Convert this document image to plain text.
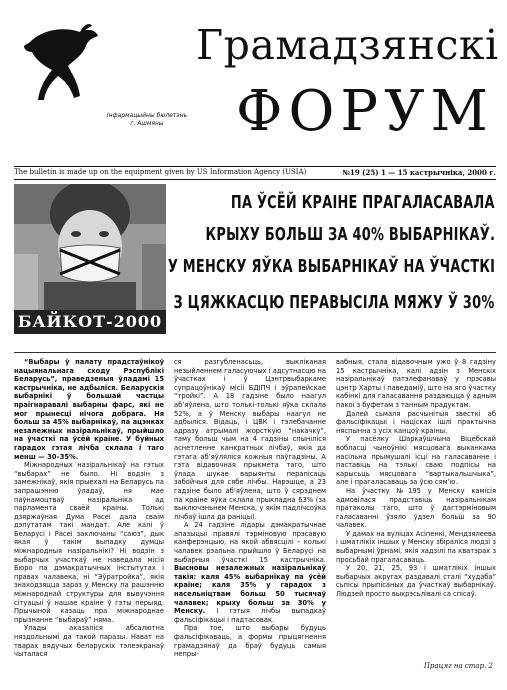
Інфармацыйны бюлетэнь
г. Ашмяны
Грамадзянскі
ФОРУМ
The bulletin is made up on the equipment given by US Information Agency (USIA)	№19 (25) 1 — 15 кастрычніка, 2000 г.
БАЙКОТ-2000
ПА ЎСЁЙ КРАІНЕ ПРАГАЛАСАВАЛА
КРЫХУ БОЛЬШ ЗА 40% ВЫБАРНІКАЎ.
У МЕНСКУ ЯЎКА ВЫБАРНІКАЎ НА ЎЧАСТКІ
З ЦЯЖКАСЦЮ ПЕРАВЫСІЛА МЯЖУ Ў 30%

“Выбары ў палату прадстаўнікоў нацыянальнага сходу Рэспублікі Беларусь”, праведзеныя ўладамі 15 кастрычніка, не адбыліся. Беларускія выбарнікі ў большай частцы праігнаравалі выбарны фарс, які не мог прынесці нічога добрага. Ня больш за 45% выбарнікаў, па ацэнках незалежных назіральнікаў, прыйшло на ўчасткі па ўсёй краіне. У буйных гарадох гэтая лічба склала і таго менш — 30–35%.

Міжнародных назіральнікаў на гэтых “выбарах” не было. Ні водзін з замежнікаў, якія прыехалі на Беларусь па запрашэнню ўладаў, ня мае паўнамоцтваў назіральніка ад парламента сваёй краіны. Толькі дзяржаўная Дума Расеі дала сваім дэпутатам такі мандат. Але калі ў Беларусі і Расеі заключаны “саюз”, дык якая ў такім выпадку думцы міжнародныя назіральнікі? Ні водзін з выбарчых участкаў не наведала місія Бюро па дэмакратычных інстытутах і правах чалавека, ні “Эўратройка”, якія знаходзяцца зараз у Менску па рашэнню міжнароднай структуры для вывучэння сітуацыі ў нашае краіне ў гэты перыяд. Прычыной казаць пра міжнароднае прызнанне “выбараў” няма.

Улады аказаліся абсалютна няздольнымі да такой паразы. Нават на тварах вядучых беларускіх тэлеэкранаў чыталася

ся разгубленасьць, выкліканая незыйленнем галасуючых і адсутнасцю на ўчастках і ў Цэнтрвыбаркаме супрацоўнікаў місіі БДІПЧ і эўрапейскае “тройкі”. А 18 гадзіне было наагул абʼяўлена, што толькі-толькі яўка склала 52%, а ў Менску выбары наагул не адбыліся. Відаць, і ЦВК і тэлебачанне адразу атрымалі жорсткую “накачку”, таму больш чым на 4 гадзіны спыніліся аснетленне канкратных лічбаў, якія да гэтага абʼяўляліся кожныя паўгадзіны. А гэта відавочная прыкмета таго, што ўлада шукае варыянты перапісаць забойчыя для сябе лічбы. Нарэшце, а 23 гадзіне было абʼяўлена, што ў сярэднем па краіне яўка склала прыкладна 63% (за выключэньнем Менска, у якім падлічсоўка лічбаў ішла да раніцы).

А 24 гадзіне лідары дэмакратычнае апазыцыі правялі тэрміновую прэсавую канферэнцыю, на якой абвясцілі – колькі чалавек рэальна прыйшло ў Беларусі на выбарныя ўчасткі 15 кастрычніка. Высновы незалежных назіральнікаў такія: каля 45% выбарнікаў па ўсёй краіне; каля 35% у гарадох з насельніцтвам больш 50 тысячаў чалавек; крыху больш за 30% у Менску. І гэтыя лічбы выпадкаў фальсіфікацыі і падтасовак.

Пра тое, што выбары будуць фальсіфікаваць, а формы прыцягнення грамадзянаў да браў будуць самыя непры-

вабныя, стала відавочным ужо ў 8 гадзіну 15 кастрычніка, калі адзін з Менскіх назіральнікаў патэлефанаваў у прэсавы цэнтр Харты і паведаміў, што на яго ўчастку кабінкі для галасавання раздаюцца ў адным пакоі з буфетам з танным прадуктам.

Далей сьмаля расчынітыя звесткі аб фальсіфікацыі і націсках ішлі практычна няспынна з усіх канцоў краіны.

У пасёлку Шаркаўшчына Віцебскай вобласці чыноўнікі мясцовага выканкама насільна прымушалі ісці на галасаванне і паставіць на тэлькі сваю подпісы на карысьць мясцовага “вартыкальшчыка”, але і прагаласаваць за ўсю сям’ю.

На ўчастку №195 у Менску камісія адмовілася прадставіць назіральнікам пратаколы таго, што ў дагтэрміновым галасаванні ўзяло ўдзел больш за 90 чалавек.

У дамах на вуліцах Асіпенкі, Мендзялеева і шматлікіх іншых у Менску збіраліся людзі з выбарнымі ўрнамі, якія хадзілі па кватэрах з просьбай прагаласаваць.

У 20, 21, 25, 93 і шматлікіх іншых выбарчых акругах раздавалі сталі “худаба” сьпісы прыпісаных да ўчасткаў выбарнікаў. Людзей просто выкрэсьлівалі са спісаў.

Працяг на стар. 2
